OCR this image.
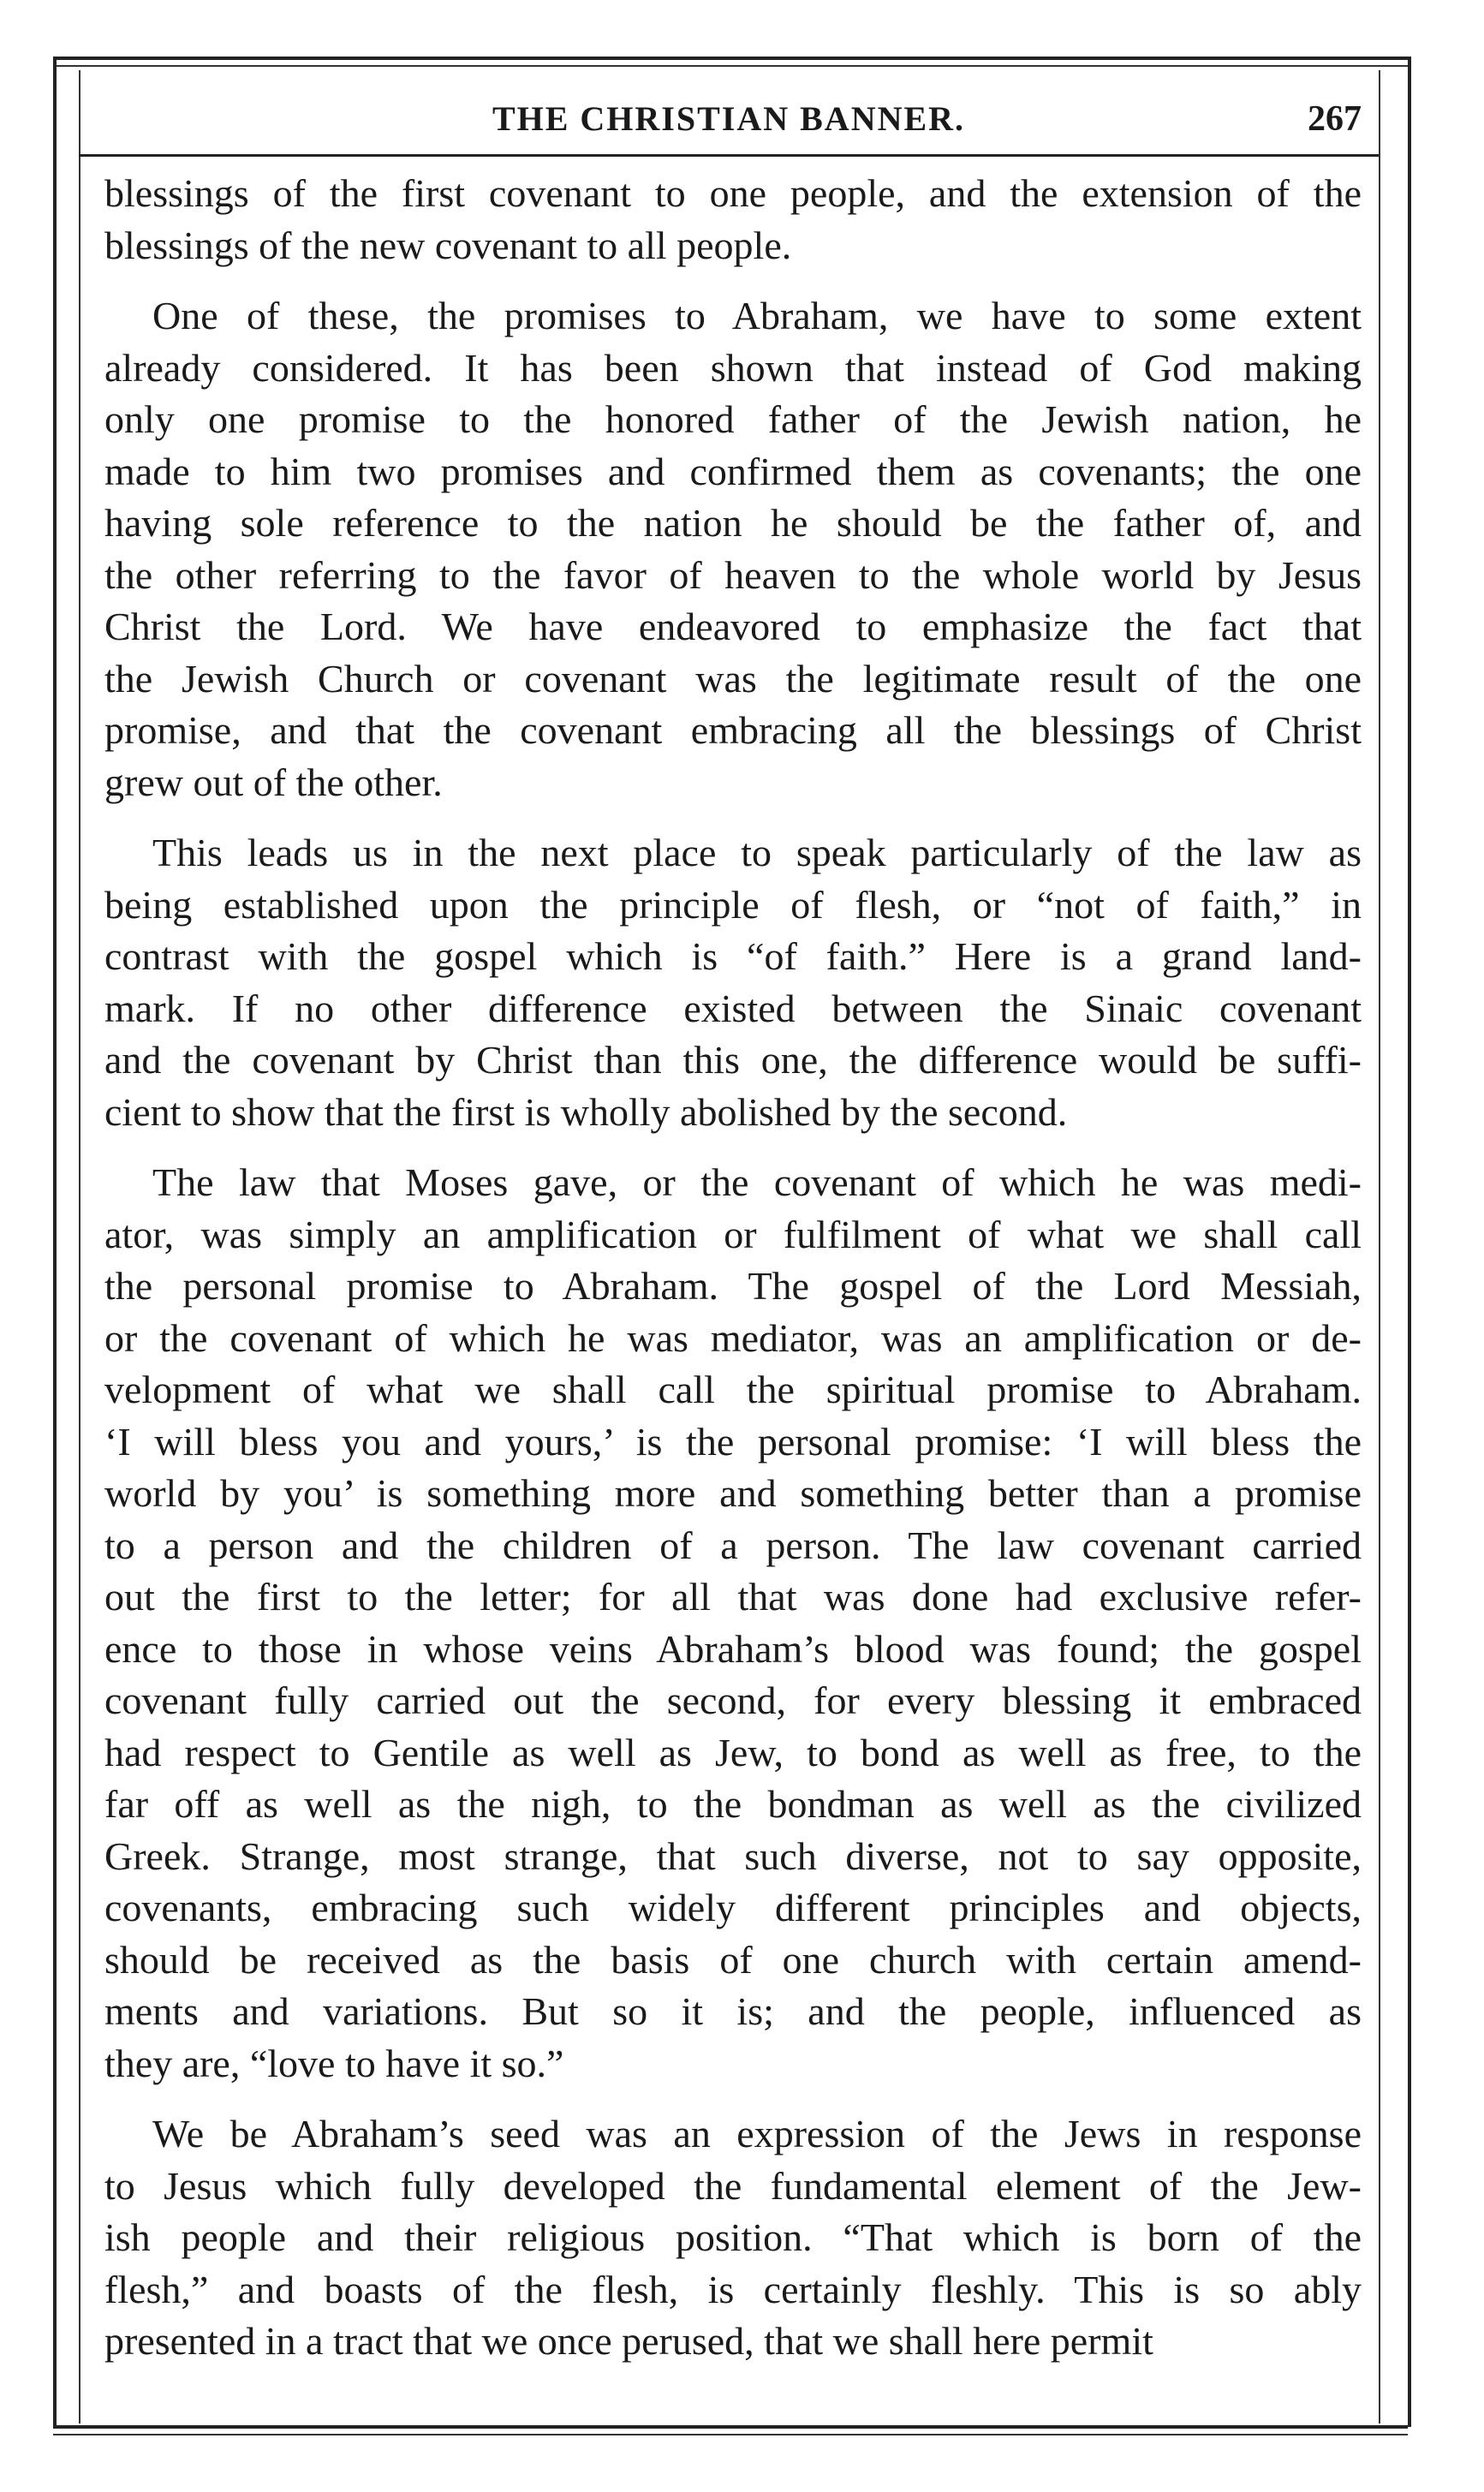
THE CHRISTIAN BANNER.	267
blessings of the first covenant to one people, and the extension of the
blessings of the new covenant to all people.
One of these, the promises to Abraham, we have to some extent
already considered. It has been shown that instead of God making
only one promise to the honored father of the Jewish nation, he
made to him two promises and confirmed them as covenants; the one
having sole reference to the nation he should be the father of, and
the other referring to the favor of heaven to the whole world by Jesus
Christ the Lord. We have endeavored to emphasize the fact that
the Jewish Church or covenant was the legitimate result of the one
promise, and that the covenant embracing all the blessings of Christ
grew out of the other.
This leads us in the next place to speak particularly of the law as
being established upon the principle of flesh, or “not of faith,” in
contrast with the gospel which is “of faith.” Here is a grand land-
mark. If no other difference existed between the Sinaic covenant
and the covenant by Christ than this one, the difference would be suffi-
cient to show that the first is wholly abolished by the second.
The law that Moses gave, or the covenant of which he was medi-
ator, was simply an amplification or fulfilment of what we shall call
the personal promise to Abraham. The gospel of the Lord Messiah,
or the covenant of which he was mediator, was an amplification or de-
velopment of what we shall call the spiritual promise to Abraham.
‘I will bless you and yours,’ is the personal promise: ‘I will bless the
world by you’ is something more and something better than a promise
to a person and the children of a person. The law covenant carried
out the first to the letter; for all that was done had exclusive refer-
ence to those in whose veins Abraham’s blood was found; the gospel
covenant fully carried out the second, for every blessing it embraced
had respect to Gentile as well as Jew, to bond as well as free, to the
far off as well as the nigh, to the bondman as well as the civilized
Greek. Strange, most strange, that such diverse, not to say opposite,
covenants, embracing such widely different principles and objects,
should be received as the basis of one church with certain amend-
ments and variations. But so it is; and the people, influenced as
they are, “love to have it so.”
We be Abraham’s seed was an expression of the Jews in response
to Jesus which fully developed the fundamental element of the Jew-
ish people and their religious position. “That which is born of the
flesh,” and boasts of the flesh, is certainly fleshly. This is so ably
presented in a tract that we once perused, that we shall here permit
